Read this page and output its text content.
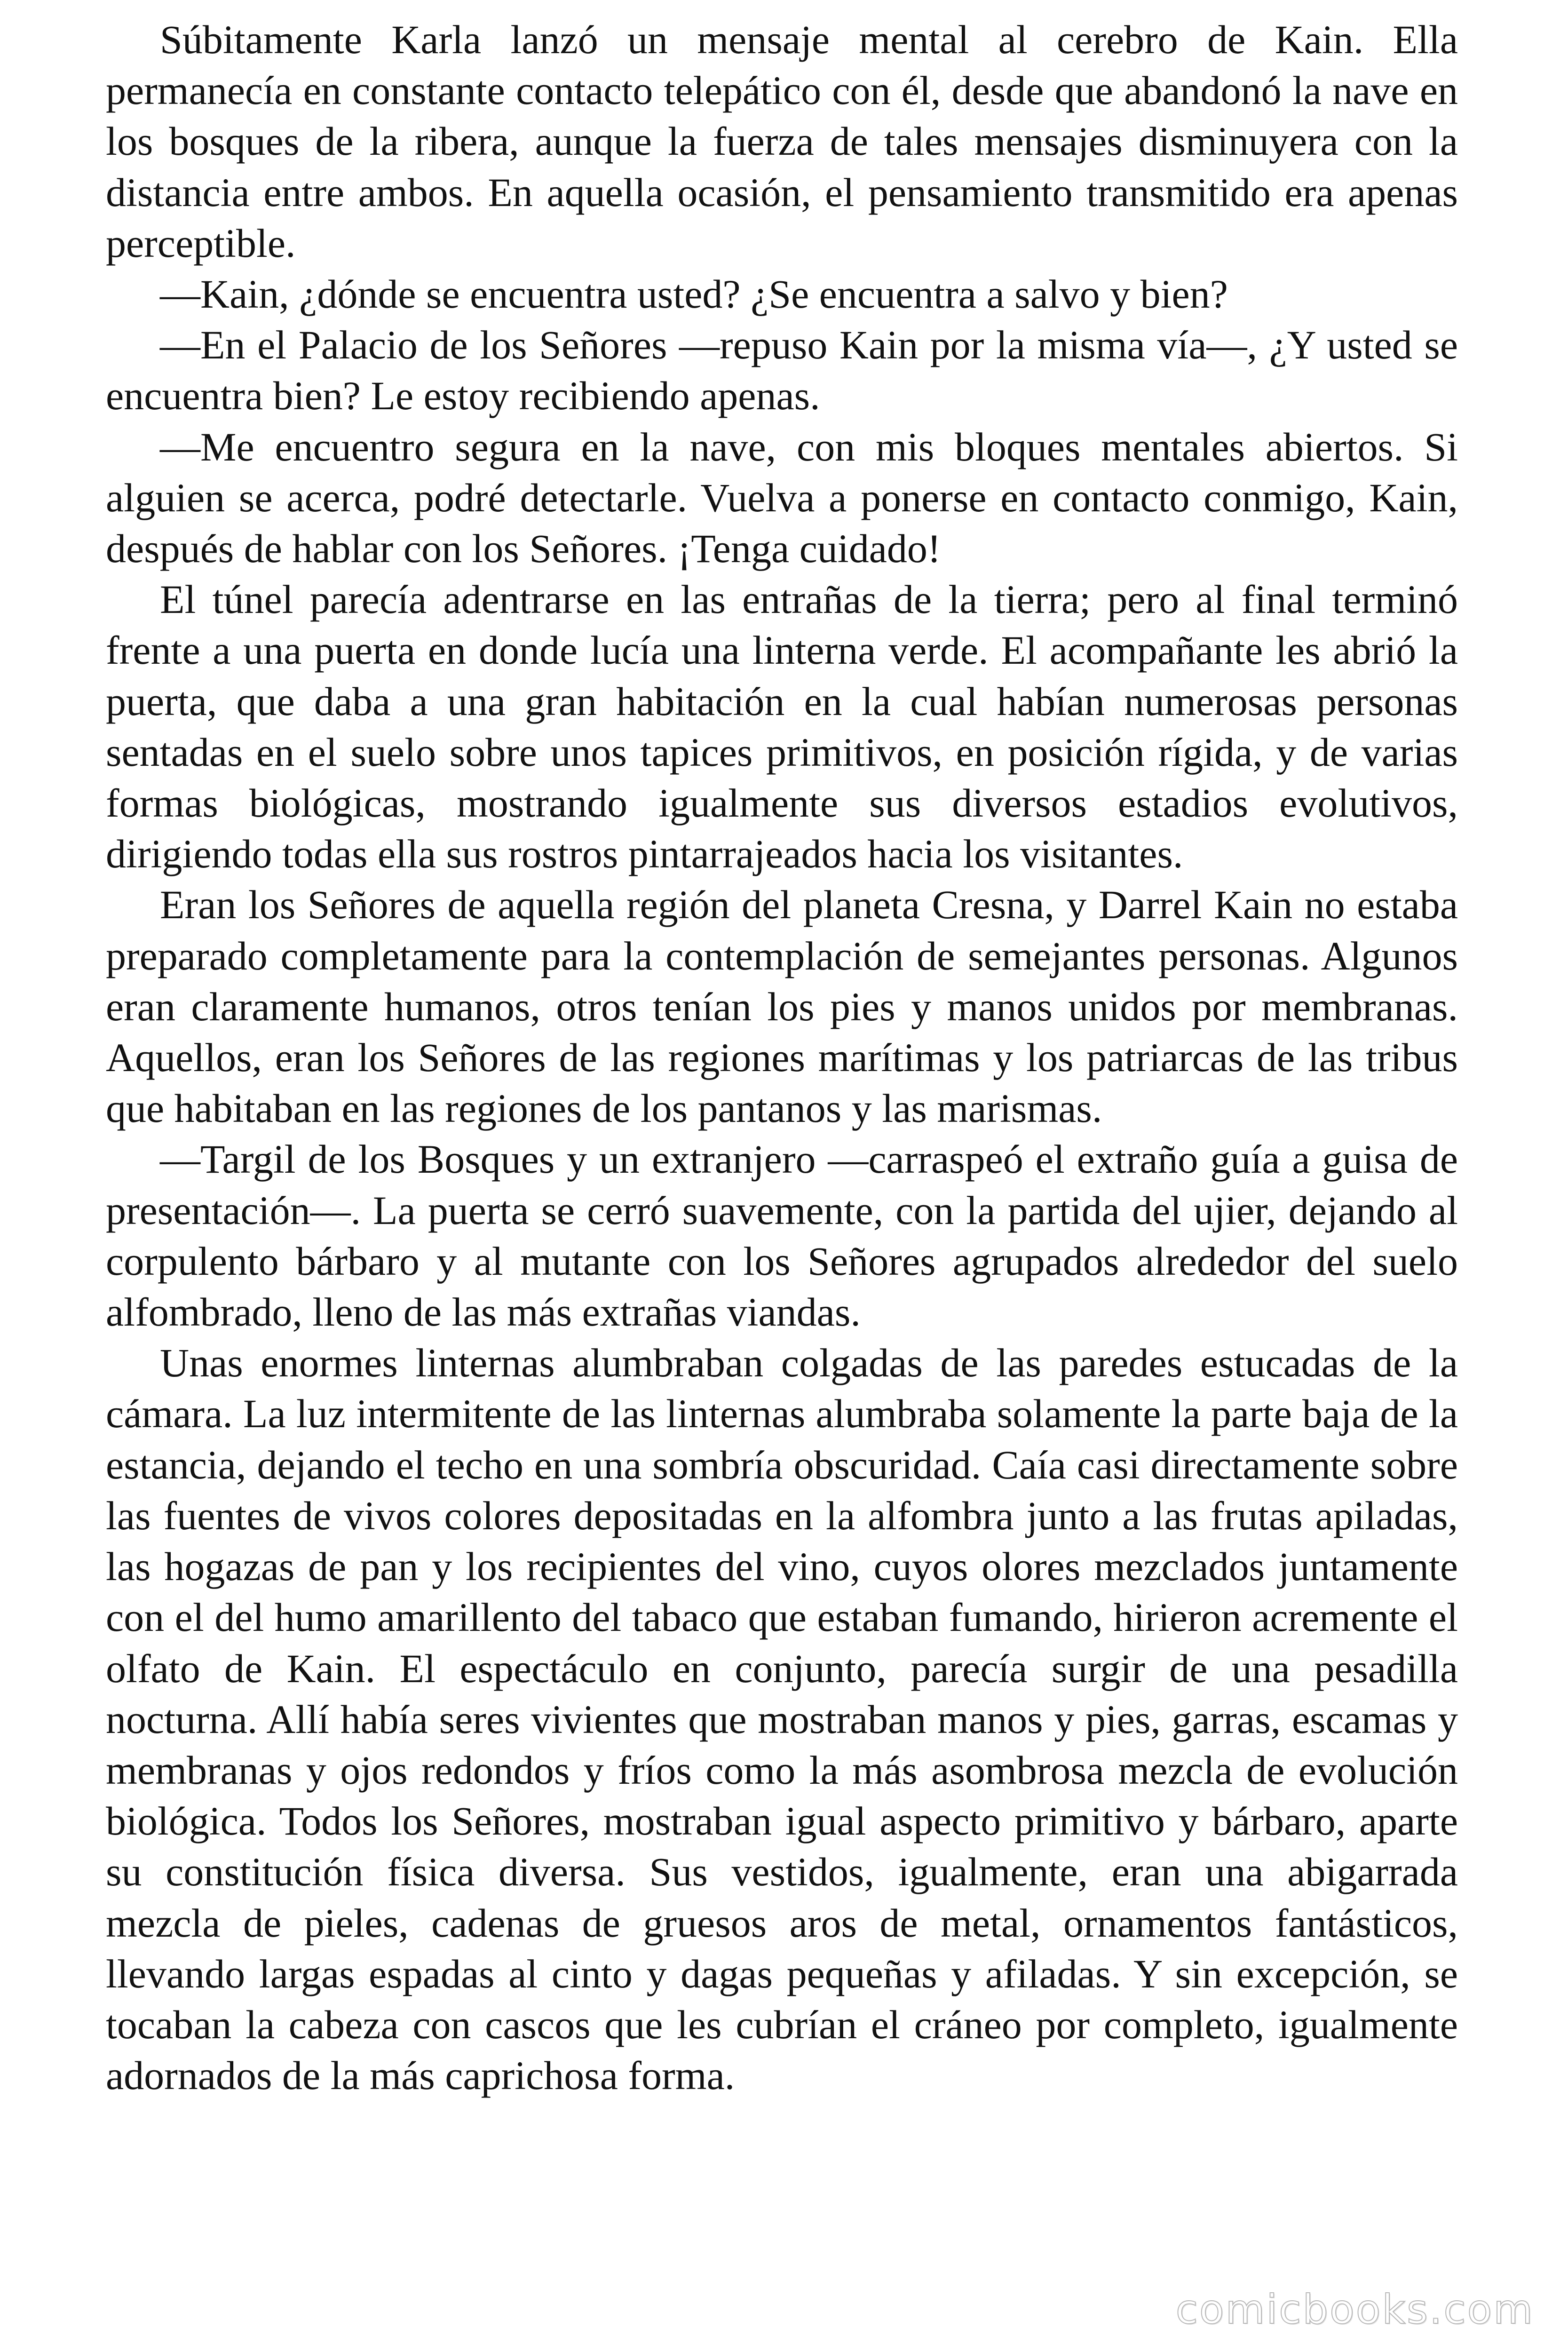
Súbitamente Karla lanzó un mensaje mental al cerebro de Kain. Ella permanecía en constante contacto telepático con él, desde que abandonó la nave en los bosques de la ribera, aunque la fuerza de tales mensajes disminuyera con la distancia entre ambos. En aquella ocasión, el pensamiento transmitido era apenas perceptible.

—Kain, ¿dónde se encuentra usted? ¿Se encuentra a salvo y bien?

—En el Palacio de los Señores —repuso Kain por la misma vía—, ¿Y usted se encuentra bien? Le estoy recibiendo apenas.

—Me encuentro segura en la nave, con mis bloques mentales abiertos. Si alguien se acerca, podré detectarle. Vuelva a ponerse en contacto conmigo, Kain, después de hablar con los Señores. ¡Tenga cuidado!

El túnel parecía adentrarse en las entrañas de la tierra; pero al final terminó frente a una puerta en donde lucía una linterna verde. El acompañante les abrió la puerta, que daba a una gran habitación en la cual habían numerosas personas sentadas en el suelo sobre unos tapices primitivos, en posición rígida, y de varias formas biológicas, mostrando igualmente sus diversos estadios evolutivos, dirigiendo todas ella sus rostros pintarrajeados hacia los visitantes.

Eran los Señores de aquella región del planeta Cresna, y Darrel Kain no estaba preparado completamente para la contemplación de semejantes personas. Algunos eran claramente humanos, otros tenían los pies y manos unidos por membranas. Aquellos, eran los Señores de las regiones marítimas y los patriarcas de las tribus que habitaban en las regiones de los pantanos y las marismas.

—Targil de los Bosques y un extranjero —carraspeó el extraño guía a guisa de presentación—. La puerta se cerró suavemente, con la partida del ujier, dejando al corpulento bárbaro y al mutante con los Señores agrupados alrededor del suelo alfombrado, lleno de las más extrañas viandas.

Unas enormes linternas alumbraban colgadas de las paredes estucadas de la cámara. La luz intermitente de las linternas alumbraba solamente la parte baja de la estancia, dejando el techo en una sombría obscuridad. Caía casi directamente sobre las fuentes de vivos colores depositadas en la alfombra junto a las frutas apiladas, las hogazas de pan y los recipientes del vino, cuyos olores mezclados juntamente con el del humo amarillento del tabaco que estaban fumando, hirieron acremente el olfato de Kain. El espectáculo en conjunto, parecía surgir de una pesadilla nocturna. Allí había seres vivientes que mostraban manos y pies, garras, escamas y membranas y ojos redondos y fríos como la más asombrosa mezcla de evolución biológica. Todos los Señores, mostraban igual aspecto primitivo y bárbaro, aparte su constitución física diversa. Sus vestidos, igualmente, eran una abigarrada mezcla de pieles, cadenas de gruesos aros de metal, ornamentos fantásticos, llevando largas espadas al cinto y dagas pequeñas y afiladas. Y sin excepción, se tocaban la cabeza con cascos que les cubrían el cráneo por completo, igualmente adornados de la más caprichosa forma.

comicbooks.com
